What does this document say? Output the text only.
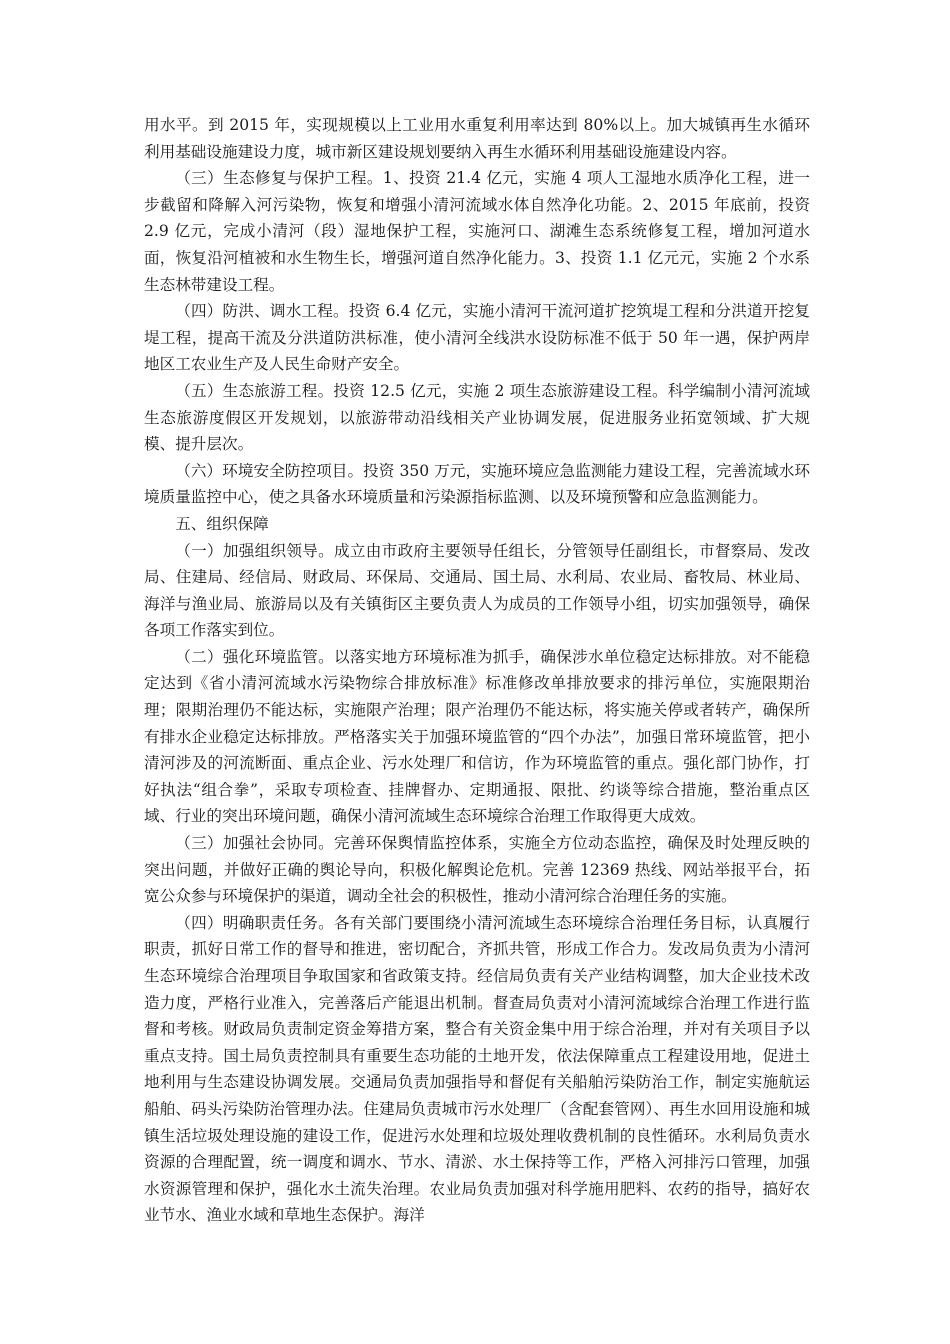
用水平。到 2015 年，实现规模以上工业用水重复利用率达到 80%以上。加大城镇再生水循环利用基础设施建设力度，城市新区建设规划要纳入再生水循环利用基础设施建设内容。

（三）生态修复与保护工程。1、投资 21.4 亿元，实施 4 项人工湿地水质净化工程，进一步截留和降解入河污染物，恢复和增强小清河流域水体自然净化功能。2、2015 年底前，投资 2.9 亿元，完成小清河（段）湿地保护工程，实施河口、湖滩生态系统修复工程，增加河道水面，恢复沿河植被和水生物生长，增强河道自然净化能力。3、投资 1.1 亿元元，实施 2 个水系生态林带建设工程。

（四）防洪、调水工程。投资 6.4 亿元，实施小清河干流河道扩挖筑堤工程和分洪道开挖复堤工程，提高干流及分洪道防洪标准，使小清河全线洪水设防标准不低于 50 年一遇，保护两岸地区工农业生产及人民生命财产安全。

（五）生态旅游工程。投资 12.5 亿元，实施 2 项生态旅游建设工程。科学编制小清河流域生态旅游度假区开发规划，以旅游带动沿线相关产业协调发展，促进服务业拓宽领域、扩大规模、提升层次。

（六）环境安全防控项目。投资 350 万元，实施环境应急监测能力建设工程，完善流域水环境质量监控中心，使之具备水环境质量和污染源指标监测、以及环境预警和应急监测能力。

五、组织保障

（一）加强组织领导。成立由市政府主要领导任组长，分管领导任副组长，市督察局、发改局、住建局、经信局、财政局、环保局、交通局、国土局、水利局、农业局、畜牧局、林业局、海洋与渔业局、旅游局以及有关镇街区主要负责人为成员的工作领导小组，切实加强领导，确保各项工作落实到位。

（二）强化环境监管。以落实地方环境标准为抓手，确保涉水单位稳定达标排放。对不能稳定达到《省小清河流域水污染物综合排放标准》标准修改单排放要求的排污单位，实施限期治理；限期治理仍不能达标，实施限产治理；限产治理仍不能达标，将实施关停或者转产，确保所有排水企业稳定达标排放。严格落实关于加强环境监管的“四个办法”，加强日常环境监管，把小清河涉及的河流断面、重点企业、污水处理厂和信访，作为环境监管的重点。强化部门协作，打好执法“组合拳”，采取专项检查、挂牌督办、定期通报、限批、约谈等综合措施，整治重点区域、行业的突出环境问题，确保小清河流域生态环境综合治理工作取得更大成效。

（三）加强社会协同。完善环保舆情监控体系，实施全方位动态监控，确保及时处理反映的突出问题，并做好正确的舆论导向，积极化解舆论危机。完善 12369 热线、网站举报平台，拓宽公众参与环境保护的渠道，调动全社会的积极性，推动小清河综合治理任务的实施。

（四）明确职责任务。各有关部门要围绕小清河流域生态环境综合治理任务目标，认真履行职责，抓好日常工作的督导和推进，密切配合，齐抓共管，形成工作合力。发改局负责为小清河生态环境综合治理项目争取国家和省政策支持。经信局负责有关产业结构调整，加大企业技术改造力度，严格行业准入，完善落后产能退出机制。督查局负责对小清河流域综合治理工作进行监督和考核。财政局负责制定资金筹措方案，整合有关资金集中用于综合治理，并对有关项目予以重点支持。国土局负责控制具有重要生态功能的土地开发，依法保障重点工程建设用地，促进土地利用与生态建设协调发展。交通局负责加强指导和督促有关船舶污染防治工作，制定实施航运船舶、码头污染防治管理办法。住建局负责城市污水处理厂（含配套管网）、再生水回用设施和城镇生活垃圾处理设施的建设工作，促进污水处理和垃圾处理收费机制的良性循环。水利局负责水资源的合理配置，统一调度和调水、节水、清淤、水土保持等工作，严格入河排污口管理，加强水资源管理和保护，强化水土流失治理。农业局负责加强对科学施用肥料、农药的指导，搞好农业节水、渔业水域和草地生态保护。海洋
